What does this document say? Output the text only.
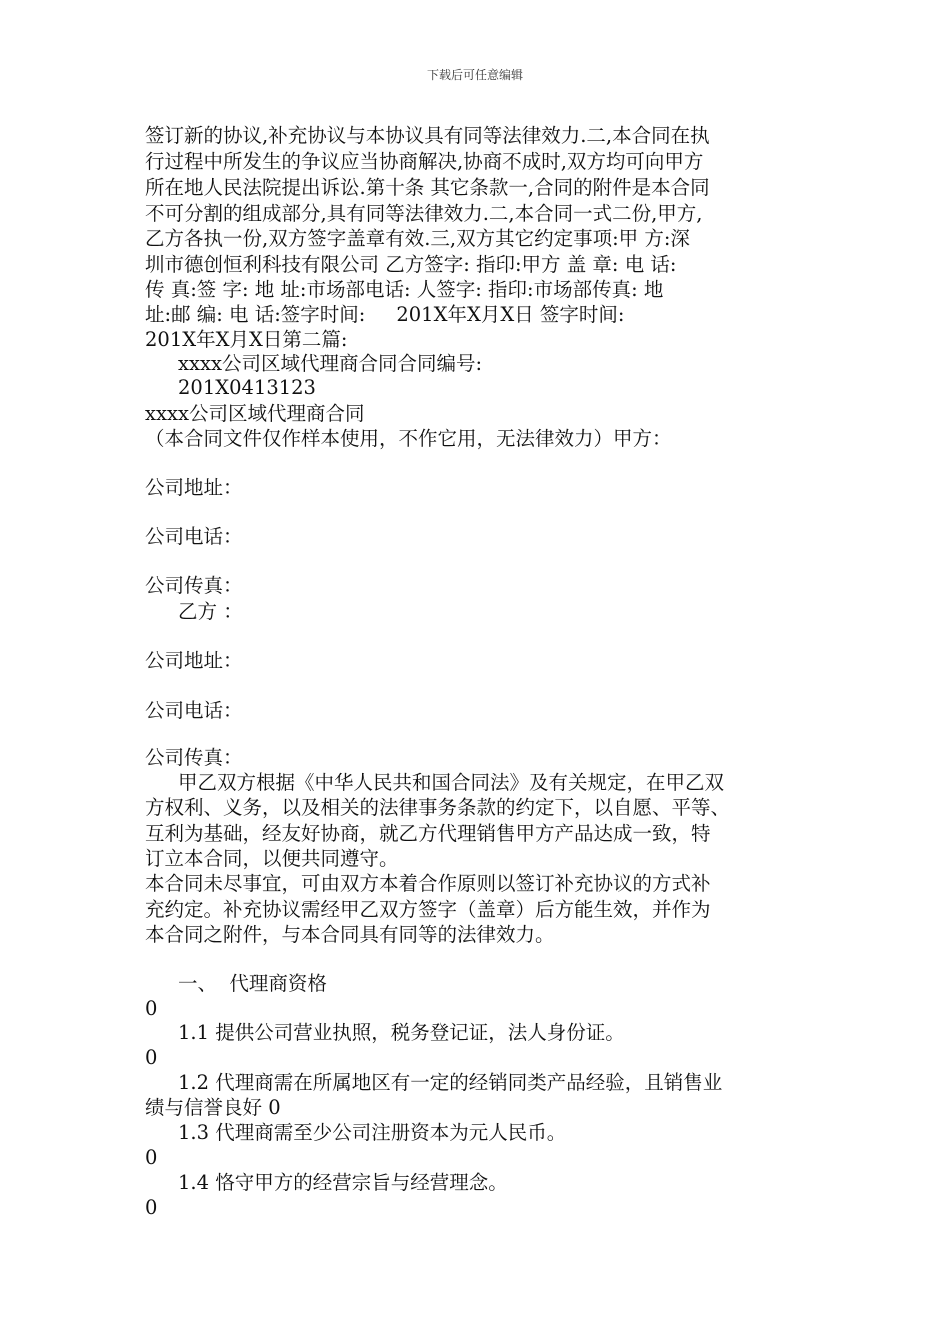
下载后可任意编辑
签订新的协议,补充协议与本协议具有同等法律效力.二,本合同在执
行过程中所发生的争议应当协商解决,协商不成时,双方均可向甲方
所在地人民法院提出诉讼.第十条 其它条款一,合同的附件是本合同
不可分割的组成部分,具有同等法律效力.二,本合同一式二份,甲方,
乙方各执一份,双方签字盖章有效.三,双方其它约定事项:甲 方:深
圳市德创恒利科技有限公司 乙方签字: 指印:甲方 盖 章: 电 话:
传 真:签 字: 地 址:市场部电话: 人签字: 指印:市场部传真: 地
址:邮 编: 电 话:签字时间:     201X年X月X日 签字时间:
201X年X月X日第二篇:
xxxx公司区域代理商合同合同编号:
201X0413123
xxxx公司区域代理商合同
（本合同文件仅作样本使用，不作它用，无法律效力）甲方：
公司地址：
公司电话：
公司传真：
乙方 ：
公司地址：
公司电话：
公司传真：
甲乙双方根据《中华人民共和国合同法》及有关规定，在甲乙双
方权利、义务，以及相关的法律事务条款的约定下，以自愿、平等、
互利为基础，经友好协商，就乙方代理销售甲方产品达成一致，特
订立本合同，以便共同遵守。
本合同未尽事宜，可由双方本着合作原则以签订补充协议的方式补
充约定。补充协议需经甲乙双方签字（盖章）后方能生效，并作为
本合同之附件，与本合同具有同等的法律效力。
一、  代理商资格
0
1.1 提供公司营业执照，税务登记证，法人身份证。
0
1.2 代理商需在所属地区有一定的经销同类产品经验，且销售业
绩与信誉良好 0
1.3 代理商需至少公司注册资本为元人民币。
0
1.4 恪守甲方的经营宗旨与经营理念。
0
